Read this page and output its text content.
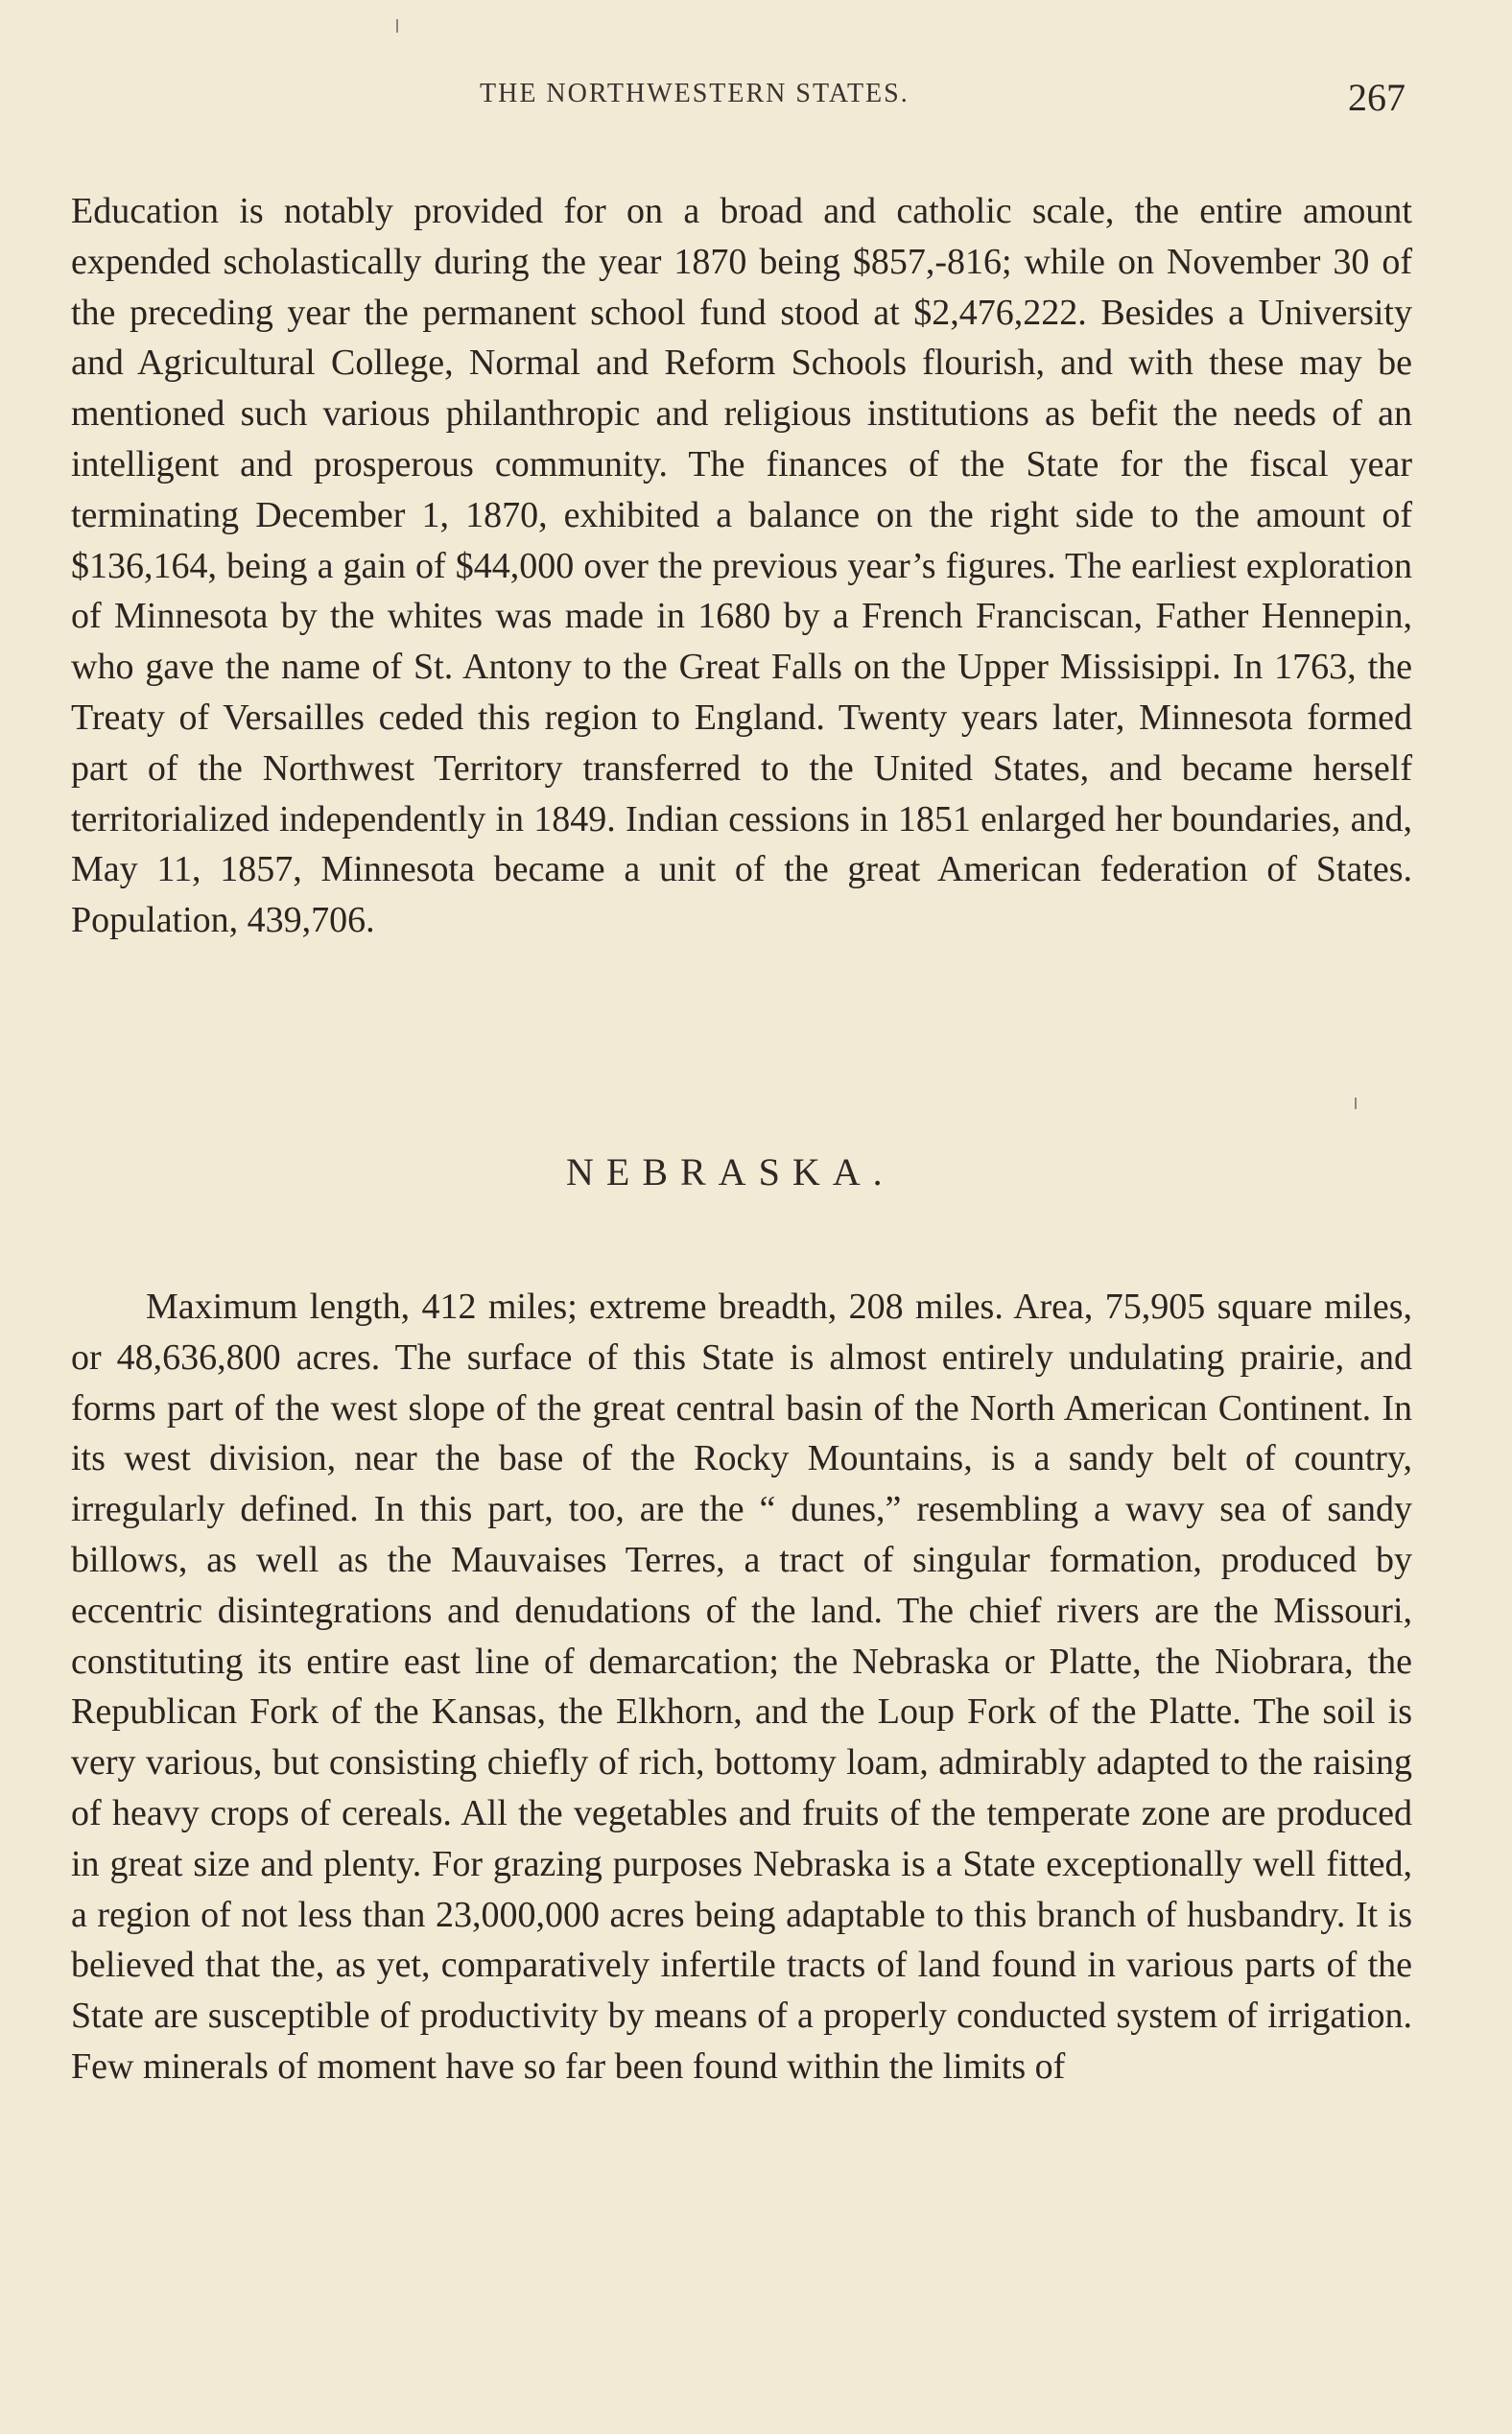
THE NORTHWESTERN STATES.	267

Education is notably provided for on a broad and catholic scale, the entire amount expended scholastically during the year 1870 being $857,-816; while on November 30 of the preceding year the permanent school fund stood at $2,476,222. Besides a University and Agricultural College, Normal and Reform Schools flourish, and with these may be mentioned such various philanthropic and religious institutions as befit the needs of an intelligent and prosperous community. The finances of the State for the fiscal year terminating December 1, 1870, exhibited a balance on the right side to the amount of $136,164, being a gain of $44,000 over the previous year’s figures. The earliest exploration of Minnesota by the whites was made in 1680 by a French Franciscan, Father Hennepin, who gave the name of St. Antony to the Great Falls on the Upper Missisippi. In 1763, the Treaty of Versailles ceded this region to England. Twenty years later, Minnesota formed part of the Northwest Territory transferred to the United States, and became herself territorialized independently in 1849. Indian cessions in 1851 enlarged her boundaries, and, May 11, 1857, Minnesota became a unit of the great American federation of States. Population, 439,706.

NEBRASKA.

Maximum length, 412 miles; extreme breadth, 208 miles. Area, 75,905 square miles, or 48,636,800 acres. The surface of this State is almost entirely undulating prairie, and forms part of the west slope of the great central basin of the North American Continent. In its west division, near the base of the Rocky Mountains, is a sandy belt of country, irregularly defined. In this part, too, are the “ dunes,” resembling a wavy sea of sandy billows, as well as the Mauvaises Terres, a tract of singular formation, produced by eccentric disintegrations and denudations of the land. The chief rivers are the Missouri, constituting its entire east line of demarcation; the Nebraska or Platte, the Niobrara, the Republican Fork of the Kansas, the Elkhorn, and the Loup Fork of the Platte. The soil is very various, but consisting chiefly of rich, bottomy loam, admirably adapted to the raising of heavy crops of cereals. All the vegetables and fruits of the temperate zone are produced in great size and plenty. For grazing purposes Nebraska is a State exceptionally well fitted, a region of not less than 23,000,000 acres being adaptable to this branch of husbandry. It is believed that the, as yet, comparatively infertile tracts of land found in various parts of the State are susceptible of productivity by means of a properly conducted system of irrigation. Few minerals of moment have so far been found within the limits of
